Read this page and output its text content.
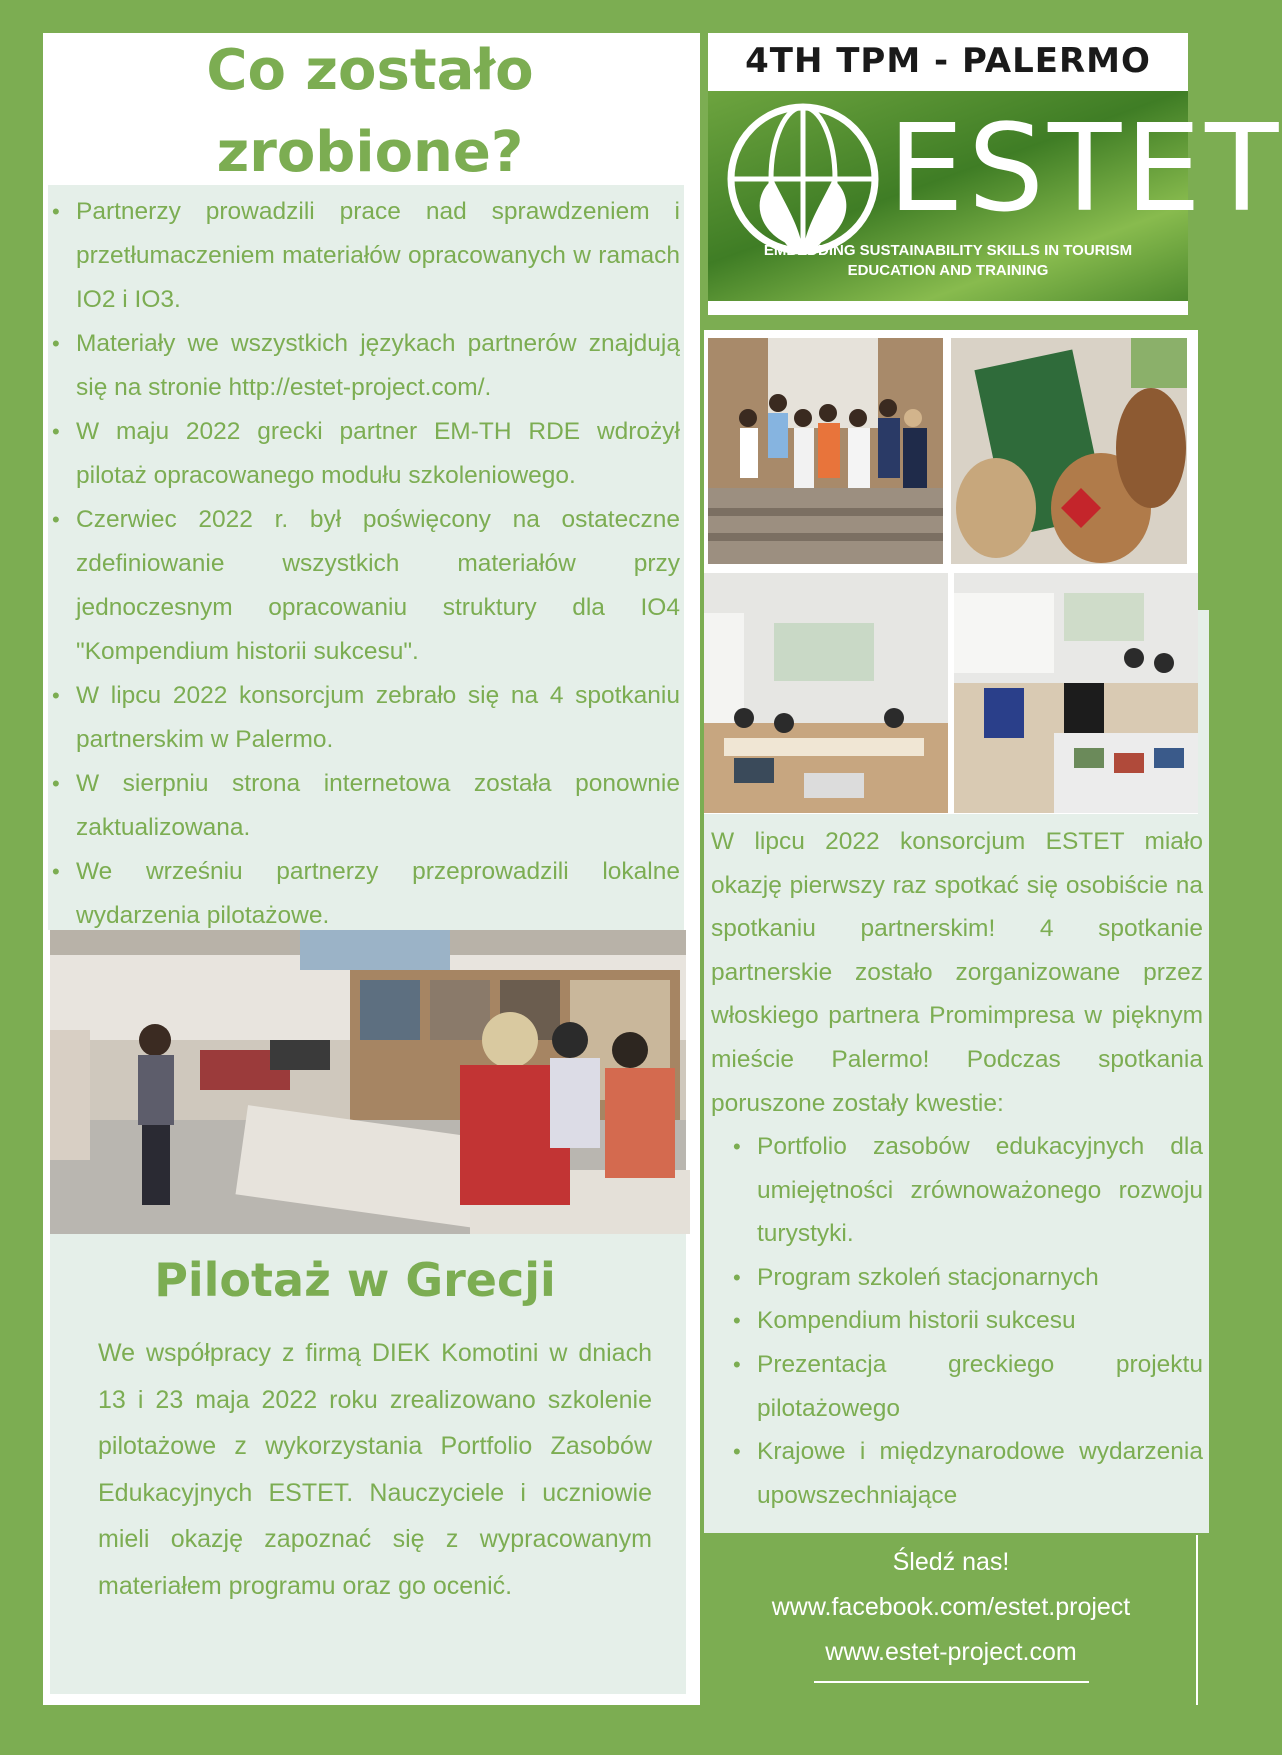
Co zostało
zrobione?
• Partnerzy prowadzili prace nad sprawdzeniem i przetłumaczeniem materiałów opracowanych w ramach IO2 i IO3.
• Materiały we wszystkich językach partnerów znajdują się na stronie http://estet-project.com/.
• W maju 2022 grecki partner EM-TH RDE wdrożył pilotaż opracowanego modułu szkoleniowego.
• Czerwiec 2022 r. był poświęcony na ostateczne zdefiniowanie wszystkich materiałów przy jednoczesnym opracowaniu struktury dla IO4 "Kompendium historii sukcesu".
• W lipcu 2022 konsorcjum zebrało się na 4 spotkaniu partnerskim w Palermo.
• W sierpniu strona internetowa została ponownie zaktualizowana.
• We wrześniu partnerzy przeprowadzili lokalne wydarzenia pilotażowe.
Pilotaż w Grecji

We współpracy z firmą DIEK Komotini w dniach 13 i 23 maja 2022 roku zrealizowano szkolenie pilotażowe z wykorzystania Portfolio Zasobów Edukacyjnych ESTET. Nauczyciele i uczniowie mieli okazję zapoznać się z wypracowanym materiałem programu oraz go ocenić.

4TH TPM - PALERMO
ESTET
EMBEDDING SUSTAINABILITY SKILLS IN TOURISM
EDUCATION AND TRAINING

W lipcu 2022 konsorcjum ESTET miało okazję pierwszy raz spotkać się osobiście na spotkaniu partnerskim! 4 spotkanie partnerskie zostało zorganizowane przez włoskiego partnera Promimpresa w pięknym mieście Palermo! Podczas spotkania poruszone zostały kwestie:

• Portfolio zasobów edukacyjnych dla umiejętności zrównoważonego rozwoju turystyki.
• Program szkoleń stacjonarnych
• Kompendium historii sukcesu
• Prezentacja greckiego projektu pilotażowego
• Krajowe i międzynarodowe wydarzenia upowszechniające
Śledź nas!
www.facebook.com/estet.project
www.estet-project.com
